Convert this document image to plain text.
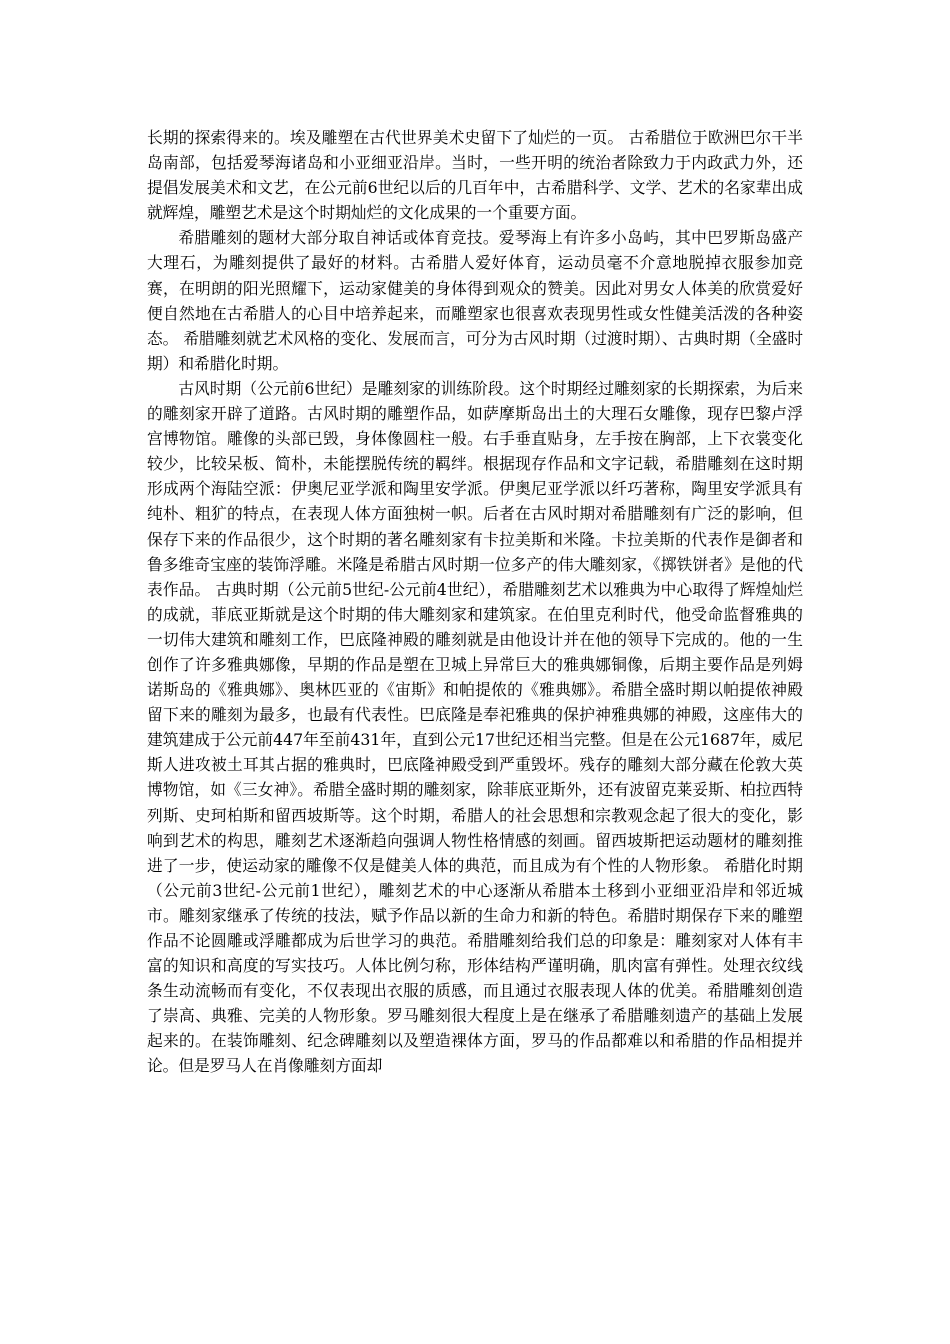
长期的探索得来的。埃及雕塑在古代世界美术史留下了灿烂的一页。 古希腊位于欧洲巴尔干半岛南部，包括爱琴海诸岛和小亚细亚沿岸。当时，一些开明的统治者除致力于内政武力外，还提倡发展美术和文艺，在公元前6世纪以后的几百年中，古希腊科学、文学、艺术的名家辈出成就辉煌，雕塑艺术是这个时期灿烂的文化成果的一个重要方面。

希腊雕刻的题材大部分取自神话或体育竞技。爱琴海上有许多小岛屿，其中巴罗斯岛盛产大理石，为雕刻提供了最好的材料。古希腊人爱好体育，运动员毫不介意地脱掉衣服参加竞赛，在明朗的阳光照耀下，运动家健美的身体得到观众的赞美。因此对男女人体美的欣赏爱好便自然地在古希腊人的心目中培养起来，而雕塑家也很喜欢表现男性或女性健美活泼的各种姿态。 希腊雕刻就艺术风格的变化、发展而言，可分为古风时期（过渡时期）、古典时期（全盛时期）和希腊化时期。

古风时期（公元前6世纪）是雕刻家的训练阶段。这个时期经过雕刻家的长期探索，为后来的雕刻家开辟了道路。古风时期的雕塑作品，如萨摩斯岛出土的大理石女雕像，现存巴黎卢浮宫博物馆。雕像的头部已毁，身体像圆柱一般。右手垂直贴身，左手按在胸部，上下衣裳变化较少，比较呆板、简朴，未能摆脱传统的羁绊。根据现存作品和文字记载，希腊雕刻在这时期形成两个海陆空派：伊奥尼亚学派和陶里安学派。伊奥尼亚学派以纤巧著称，陶里安学派具有纯朴、粗犷的特点，在表现人体方面独树一帜。后者在古风时期对希腊雕刻有广泛的影响，但保存下来的作品很少，这个时期的著名雕刻家有卡拉美斯和米隆。卡拉美斯的代表作是御者和鲁多维奇宝座的装饰浮雕。米隆是希腊古风时期一位多产的伟大雕刻家，《掷铁饼者》是他的代表作品。 古典时期（公元前5世纪-公元前4世纪），希腊雕刻艺术以雅典为中心取得了辉煌灿烂的成就，菲底亚斯就是这个时期的伟大雕刻家和建筑家。在伯里克利时代，他受命监督雅典的一切伟大建筑和雕刻工作，巴底隆神殿的雕刻就是由他设计并在他的领导下完成的。他的一生创作了许多雅典娜像，早期的作品是塑在卫城上异常巨大的雅典娜铜像，后期主要作品是列姆诺斯岛的《雅典娜》、奥林匹亚的《宙斯》和帕提侬的《雅典娜》。希腊全盛时期以帕提侬神殿留下来的雕刻为最多，也最有代表性。巴底隆是奉祀雅典的保护神雅典娜的神殿，这座伟大的建筑建成于公元前447年至前431年，直到公元17世纪还相当完整。但是在公元1687年，威尼斯人进攻被土耳其占据的雅典时，巴底隆神殿受到严重毁坏。残存的雕刻大部分藏在伦敦大英博物馆，如《三女神》。希腊全盛时期的雕刻家，除菲底亚斯外，还有波留克莱妥斯、柏拉西特列斯、史珂柏斯和留西坡斯等。这个时期，希腊人的社会思想和宗教观念起了很大的变化，影响到艺术的构思，雕刻艺术逐渐趋向强调人物性格情感的刻画。留西坡斯把运动题材的雕刻推进了一步，使运动家的雕像不仅是健美人体的典范，而且成为有个性的人物形象。 希腊化时期（公元前3世纪-公元前1世纪），雕刻艺术的中心逐渐从希腊本土移到小亚细亚沿岸和邻近城市。雕刻家继承了传统的技法，赋予作品以新的生命力和新的特色。希腊时期保存下来的雕塑作品不论圆雕或浮雕都成为后世学习的典范。希腊雕刻给我们总的印象是：雕刻家对人体有丰富的知识和高度的写实技巧。人体比例匀称，形体结构严谨明确，肌肉富有弹性。处理衣纹线条生动流畅而有变化，不仅表现出衣服的质感，而且通过衣服表现人体的优美。希腊雕刻创造了崇高、典雅、完美的人物形象。罗马雕刻很大程度上是在继承了希腊雕刻遗产的基础上发展起来的。在装饰雕刻、纪念碑雕刻以及塑造裸体方面，罗马的作品都难以和希腊的作品相提并论。但是罗马人在肖像雕刻方面却
